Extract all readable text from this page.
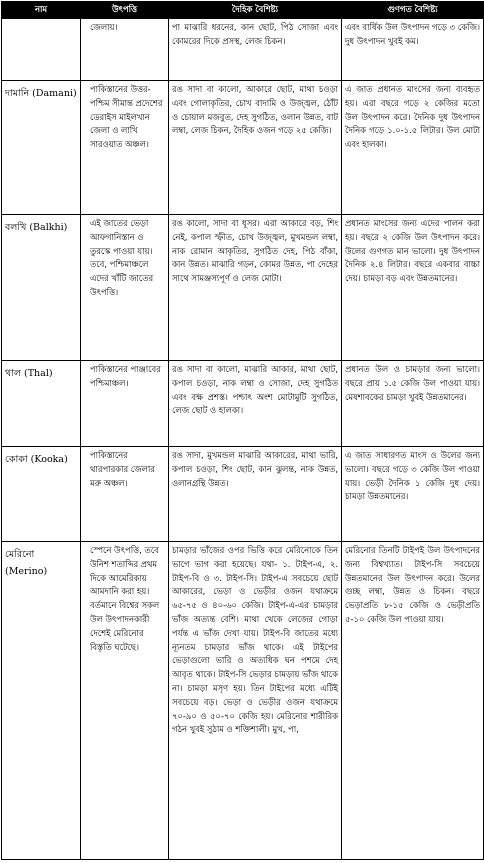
নাম	উৎপত্তি	দৈহিক বৈশিষ্ট্য	গুণগত বৈশিষ্ট্য
	জেলায়।	পা মাঝারি ধরনের, কান ছোট, পিঠ সোজা এবং কোমরের দিকে প্রসস্থ, লেজ চিকন।	এবং বার্ষিক উল উৎপাদন গড়ে ৩ কেজি। দুধ উৎপাদন খুবই কম।
দামানি (Damani)	পাকিস্তানের উত্তর-পশ্চিম সীমান্ত প্রদেশের ডেরাইস মাইলখান জেলা ও লাখি সারওয়াত অঞ্চল।	রঙ সাদা বা কালো, আকারে ছোট, মাথা চওড়া এবং গোলাকৃতির, চোখ বাদামি ও উজ্জ্বল, ঠোঁট ও চোয়াল মজবুত, দেহ সুগঠিত, ওলান উন্নত, বাট লম্বা, লেজ চিকন, দৈহিক ওজন গড়ে ২৫ কেজি।	এ জাত প্রধানত মাংসের জন্য ব্যবহৃত হয়। এরা বছরে গড়ে ২ কেজির মতো উল উৎপাদন করে। দৈনিক দুধ উৎপাদন দৈনিক গড়ে ১.০-১.৫ লিটার। উল মোটা এবং হালকা।
বলখি (Balkhi)	এই জাতের ভেড়া আফগানিস্তান ও তুরস্কে পাওয়া যায়। তবে, পশ্চিমাঞ্চলে এদের খাঁটি জাতের উৎপত্তি।	রঙ কালো, সাদা বা ধূসর। এরা আকারে বড়, শিং নেই, কপাল স্ফীত, চোখ উজ্জ্বল, মুখমন্ডল লম্বা, নাক রোমান আকৃতির, সুগঠিত দেহ, পিঠ বাঁকা, কান উন্নত। মাঝারি গড়ন, কোমর উন্নত, পা দেহের সাথে সামঞ্জস্যপূর্ণ ও লেজ মোটা।	প্রধানত মাংসের জন্য এদের পালন করা হয়। বছরে ২ কেজি উল উৎপাদন করে। উলের গুণগত মান ভালো। দুধ উৎপাদন দৈনিক ২.৪ লিটার। বছরে একবার বাচ্চা দেয়। চামড়া বড় এবং উন্নতমানের।
থাল (Thal)	পাকিস্তানের পাঞ্জাবের পশ্চিমাঞ্চল।	রঙ সাদা বা কালো, মাঝারি আকার, মাথা ছোট, কপাল চওড়া, নাক লম্বা ও সোজা, দেহ সুগঠিত এবং বক্ষ প্রশস্ত। পশ্চাৎ অংশ মোটামুটি সুগঠিত, লেজ ছোট ও হালকা।	প্রধানত উল ও চামড়ার জন্য ভালো। বছরে প্রায় ১.৫ কেজি উল পাওয়া যায়। মেষশাবকের চামড়া খুবই উন্নতমানের।
কোকা (Kooka)	পাকিস্তানের থারপারকার জেলার মরু অঞ্চল।	রঙ সাদা, মুখমন্ডল মাঝারি আকারের, মাথা ভারি, কপাল চওড়া, শিং ছোট, কান ঝুলন্ত, নাক উন্নত, ওলানগ্রন্থি উন্নত।	এ জাত সাধারণত মাংস ও উলের জন্য ভালো। বছরে গড়ে ৩ কেজি উল পাওয়া যায়। ভেড়ী দৈনিক ১ কেজি দুধ দেয়। চামড়া উন্নতমানের।
মেরিনো (Merino)	স্পেনে উৎপত্তি, তবে উনিশ শতাব্দির প্রথম দিকে আমেরিকায় আমদানি করা হয়। বর্তমানে বিশ্বের সকল উল উৎপাদনকারী দেশেই মেরিনোর বিস্তৃতি ঘটেছে।	চামড়ার ভাঁজের ওপর ভিত্তি করে মেরিনোকে তিন ভাগে ভাগ করা হয়েছে। যথা- ১. টাইপ-এ, ২. টাইপ-বি ও ৩. টাইপ-সি। টাইপ-এ সবচেয়ে ছোট আকারের, ভেড়া ও ভেড়ীর ওজন যথাক্রমে ৬৫-৭৫ ও ৪০-৬০ কেজি। টাইপ-এ-এর চামড়ার ভাঁজ অত্যন্ত বেশি। মাথা থেকে লেজের গোড়া পর্যন্ত এ ভাঁজ দেখা যায়। টাইপ-বি জাতের মধ্যে ন্যূনতম চামড়ার ভাঁজ থাকে। এই টাইপের ভেড়াগুলো ভারি ও অত্যধিক ঘন পশমে দেহ আবৃত থাকে। টাইপ-সি ভেড়ার চামড়ায় ভাঁজ থাকে না। চামড়া মসৃণ হয়। তিন টাইপের মধ্যে এটিই সবচেয়ে বড়। ভেড়া ও ভেড়ীর ওজন যথাক্রমে ৭০-৯০ ও ৫০-৭০ কেজি হয়। মেরিনোর শারীরিক গঠন খুবই সুঠাম ও শক্তিশালী। মুখ, পা,	মেরিনোর তিনটি টাইপই উল উৎপাদনের জন্য বিশ্বখ্যাত। টাইপ-সি সবচেয়ে উন্নতমানের উল উৎপাদন করে। উলের গুচ্ছ লম্বা, উন্নত ও চিকন। বছরে ভেড়াপ্রতি ৮-১৫ কেজি ও ভেড়ীপ্রতি ৫-১০ কেজি উল পাওয়া যায়।
